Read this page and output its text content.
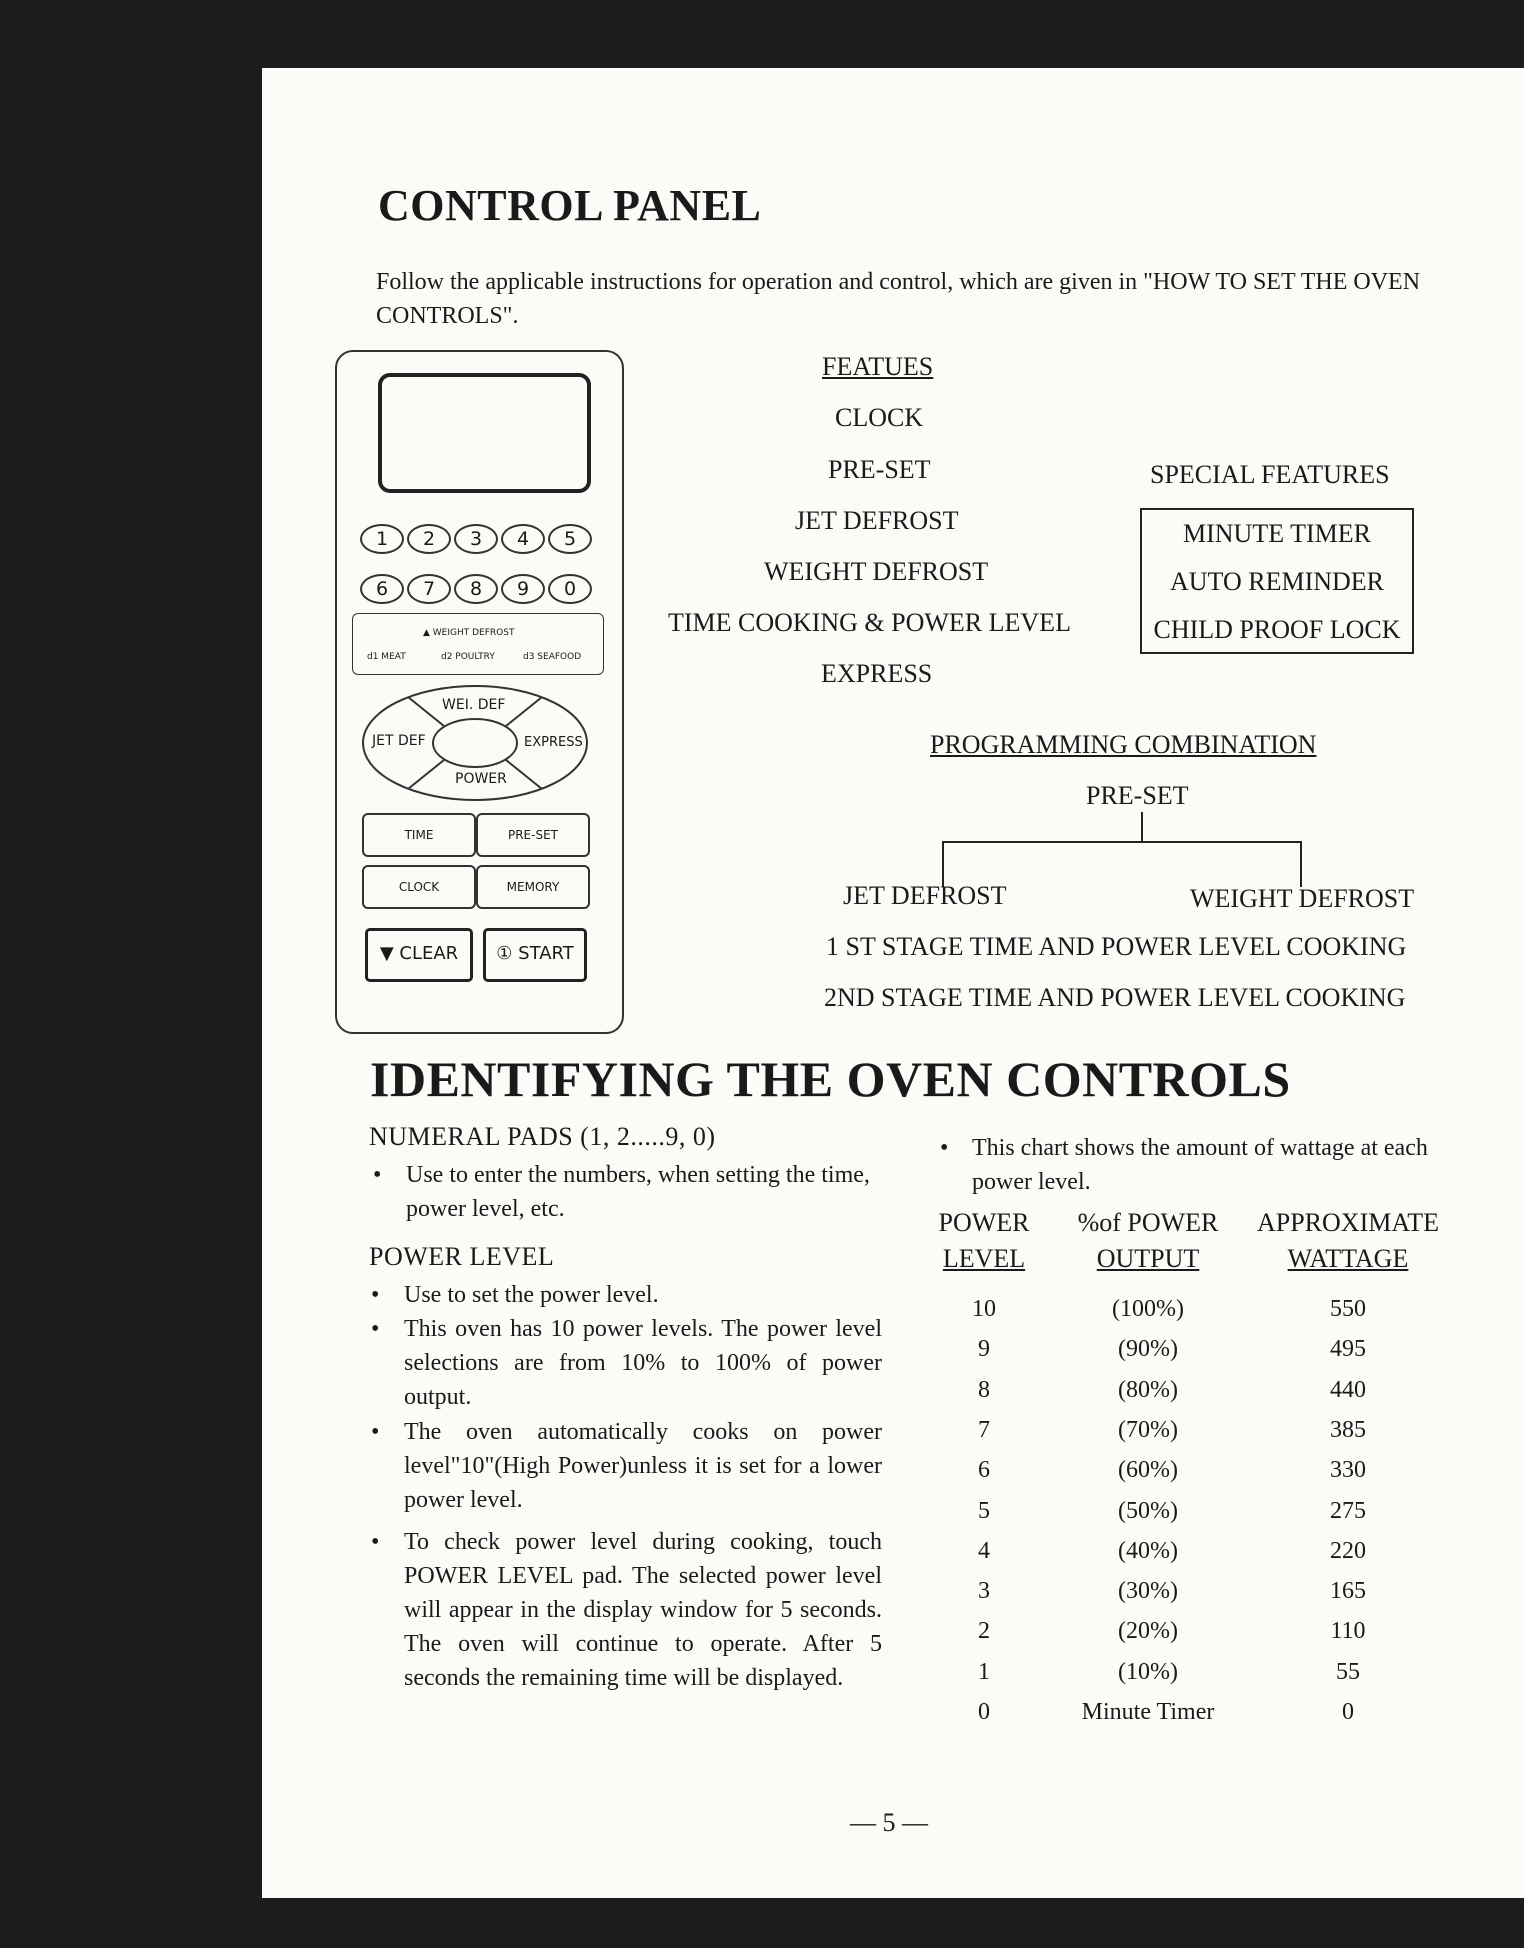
CONTROL PANEL
Follow the applicable instructions for operation and control, which are given in "HOW TO SET THE OVEN CONTROLS".
1	2	3	4	5
6	7	8	9	0
▲ WEIGHT DEFROST
d1 MEAT	d2 POULTRY	d3 SEAFOOD
WEI. DEF
JET DEF	EXPRESS
POWER
TIME	PRE-SET
CLOCK	MEMORY
▼ CLEAR	① START
FEATUES
CLOCK
PRE-SET
JET DEFROST
WEIGHT DEFROST
TIME COOKING & POWER LEVEL
EXPRESS
SPECIAL FEATURES
MINUTE TIMER
AUTO REMINDER
CHILD PROOF LOCK
PROGRAMMING COMBINATION
PRE-SET
JET DEFROST	WEIGHT DEFROST
1 ST STAGE TIME AND POWER LEVEL COOKING
2ND STAGE TIME AND POWER LEVEL COOKING
IDENTIFYING THE OVEN CONTROLS
NUMERAL PADS (1, 2.....9, 0)
• Use to enter the numbers, when setting the time, power level, etc.
POWER LEVEL
• Use to set the power level.
• This oven has 10 power levels. The power level selections are from 10% to 100% of power output.
• The oven automatically cooks on power level"10"(High Power)unless it is set for a lower power level.
• To check power level during cooking, touch POWER LEVEL pad. The selected power level will appear in the display window for 5 seconds. The oven will continue to operate. After 5 seconds the remaining time will be displayed.
• This chart shows the amount of wattage at each power level.
POWER
LEVEL
%of POWER
OUTPUT
APPROXIMATE
WATTAGE
10	(100%)	550
9	(90%)	495
8	(80%)	440
7	(70%)	385
6	(60%)	330
5	(50%)	275
4	(40%)	220
3	(30%)	165
2	(20%)	110
1	(10%)	55
0	Minute Timer	0
— 5 —
